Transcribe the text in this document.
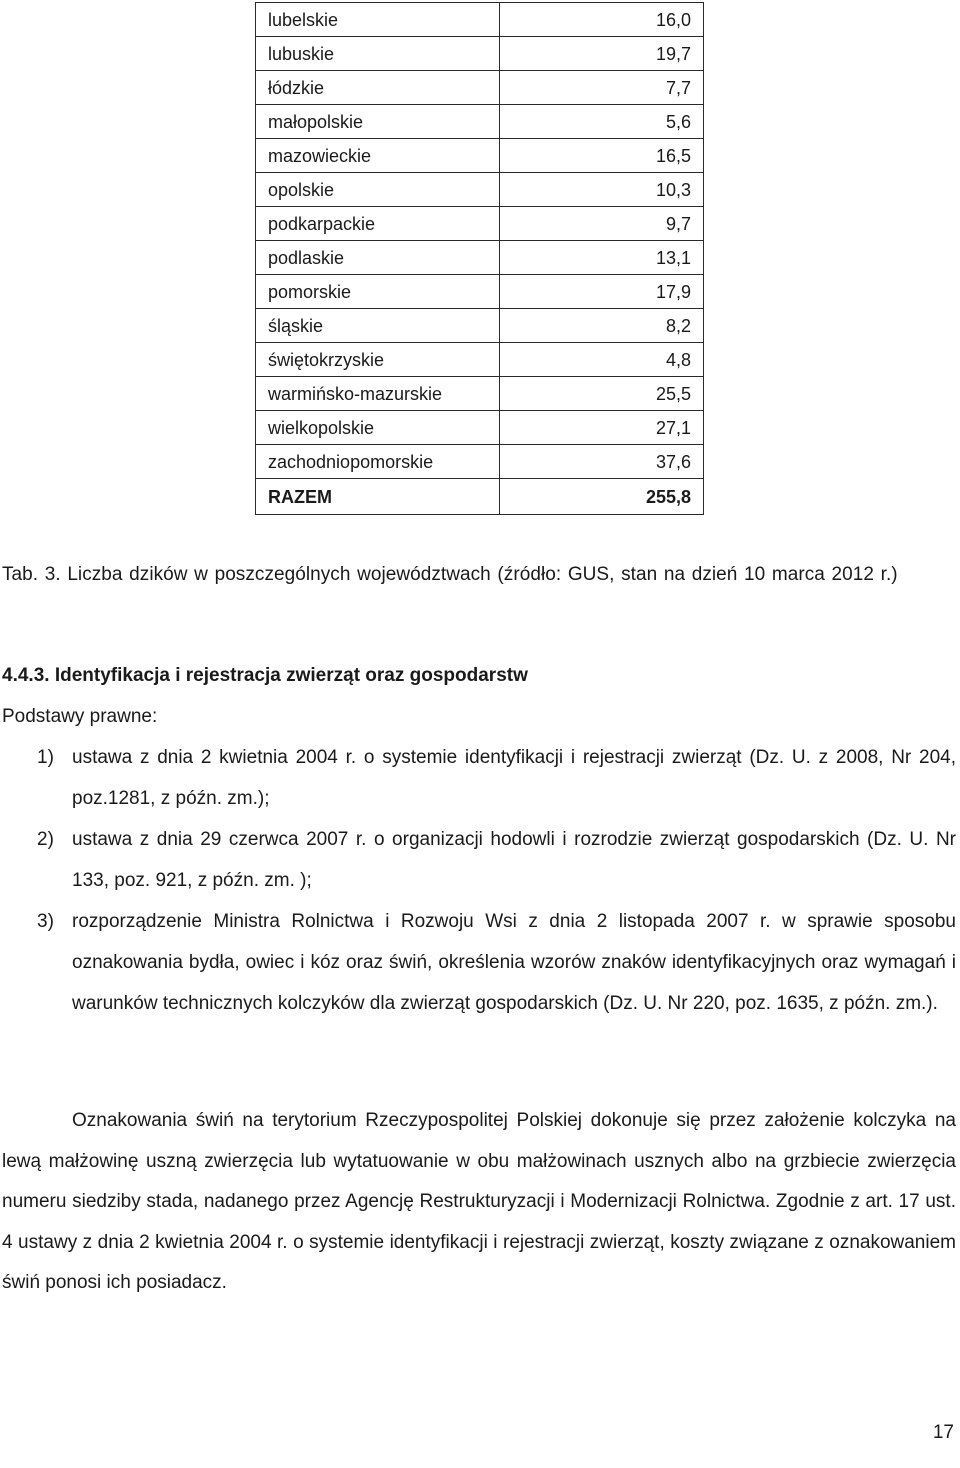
lubelskie	16,0
lubuskie	19,7
łódzkie	7,7
małopolskie	5,6
mazowieckie	16,5
opolskie	10,3
podkarpackie	9,7
podlaskie	13,1
pomorskie	17,9
śląskie	8,2
świętokrzyskie	4,8
warmińsko-mazurskie	25,5
wielkopolskie	27,1
zachodniopomorskie	37,6
RAZEM	255,8
Tab. 3. Liczba dzików w poszczególnych województwach (źródło: GUS, stan na dzień 10 marca 2012 r.)
4.4.3. Identyfikacja i rejestracja zwierząt oraz gospodarstw
Podstawy prawne:
1) ustawa z dnia 2 kwietnia 2004 r. o systemie identyfikacji i rejestracji zwierząt (Dz. U. z 2008, Nr 204, poz.1281, z późn. zm.);
2) ustawa z dnia 29 czerwca 2007 r. o organizacji hodowli i rozrodzie zwierząt gospodarskich (Dz. U. Nr 133, poz. 921, z późn. zm. );
3) rozporządzenie Ministra Rolnictwa i Rozwoju Wsi z dnia 2 listopada 2007 r. w sprawie sposobu oznakowania bydła, owiec i kóz oraz świń, określenia wzorów znaków identyfikacyjnych oraz wymagań i warunków technicznych kolczyków dla zwierząt gospodarskich (Dz. U. Nr 220, poz. 1635, z późn. zm.).

Oznakowania świń na terytorium Rzeczypospolitej Polskiej dokonuje się przez założenie kolczyka na lewą małżowinę uszną zwierzęcia lub wytatuowanie w obu małżowinach usznych albo na grzbiecie zwierzęcia numeru siedziby stada, nadanego przez Agencję Restrukturyzacji i Modernizacji Rolnictwa. Zgodnie z art. 17 ust. 4 ustawy z dnia 2 kwietnia 2004 r. o systemie identyfikacji i rejestracji zwierząt, koszty związane z oznakowaniem świń ponosi ich posiadacz.

17
